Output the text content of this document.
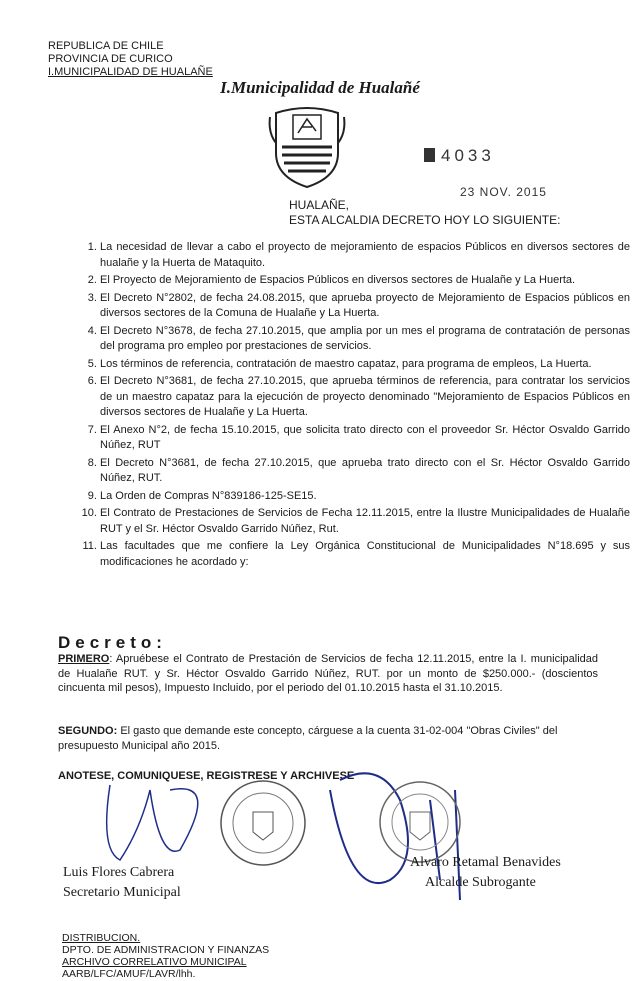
REPUBLICA DE CHILE
PROVINCIA DE CURICO
I.MUNICIPALIDAD DE HUALAÑE
I.Municipalidad de Hualañé
4033
23 NOV. 2015
HUALAÑE,
ESTA ALCALDIA DECRETO HOY LO SIGUIENTE:
1. La necesidad de llevar a cabo el proyecto de mejoramiento de espacios Públicos en diversos sectores de hualañe y la Huerta de Mataquito.
2. El Proyecto de Mejoramiento de Espacios Públicos en diversos sectores de Hualañe y La Huerta.
3. El Decreto N°2802, de fecha 24.08.2015, que aprueba proyecto de Mejoramiento de Espacios públicos en diversos sectores de la Comuna de Hualañe y La Huerta.
4. El Decreto N°3678, de fecha 27.10.2015, que amplia por un mes el programa de contratación de personas del programa pro empleo por prestaciones de servicios.
5. Los términos de referencia, contratación de maestro capataz, para programa de empleos, La Huerta.
6. El Decreto N°3681, de fecha 27.10.2015, que aprueba términos de referencia, para contratar los servicios de un maestro capataz para la ejecución de proyecto denominado "Mejoramiento de Espacios Públicos en diversos sectores de Hualañe y La Huerta.
7. El Anexo N°2, de fecha 15.10.2015, que solicita trato directo con el proveedor Sr. Héctor Osvaldo Garrido Núñez, RUT
8. El Decreto N°3681, de fecha 27.10.2015, que aprueba trato directo con el Sr. Héctor Osvaldo Garrido Núñez, RUT.
9. La Orden de Compras N°839186-125-SE15.
10. El Contrato de Prestaciones de Servicios de Fecha 12.11.2015, entre la Ilustre Municipalidades de Hualañe RUT y el Sr. Héctor Osvaldo Garrido Núñez, Rut.
11. Las facultades que me confiere la Ley Orgánica Constitucional de Municipalidades N°18.695 y sus modificaciones he acordado y:
Decreto:
PRIMERO: Apruébese el Contrato de Prestación de Servicios de fecha 12.11.2015, entre la I. municipalidad de Hualañe RUT. y Sr. Héctor Osvaldo Garrido Núñez, RUT. por un monto de $250.000.- (doscientos cincuenta mil pesos), Impuesto Incluido, por el periodo del 01.10.2015 hasta el 31.10.2015.
SEGUNDO: El gasto que demande este concepto, cárguese a la cuenta 31-02-004 "Obras Civiles" del presupuesto Municipal año 2015.
ANOTESE, COMUNIQUESE, REGISTRESE Y ARCHIVESE
Luis Flores Cabrera
Secretario Municipal
Alvaro Retamal Benavides
Alcalde Subrogante
DISTRIBUCION.
DPTO. DE ADMINISTRACION Y FINANZAS
ARCHIVO CORRELATIVO MUNICIPAL
AARB/LFC/AMUF/LAVR/lhh.
